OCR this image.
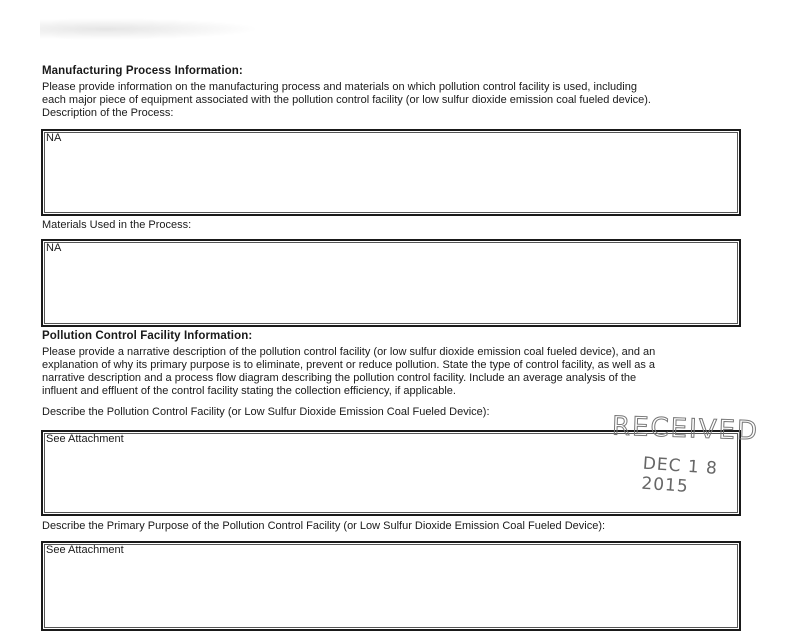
Manufacturing Process Information:
Please provide information on the manufacturing process and materials on which pollution control facility is used, including
each major piece of equipment associated with the pollution control facility (or low sulfur dioxide emission coal fueled device).
Description of the Process:
NA
Materials Used in the Process:
NA
Pollution Control Facility Information:
Please provide a narrative description of the pollution control facility (or low sulfur dioxide emission coal fueled device), and an
explanation of why its primary purpose is to eliminate, prevent or reduce pollution. State the type of control facility, as well as a
narrative description and a process flow diagram describing the pollution control facility. Include an average analysis of the
influent and effluent of the control facility stating the collection efficiency, if applicable.
Describe the Pollution Control Facility (or Low Sulfur Dioxide Emission Coal Fueled Device):
See Attachment
Describe the Primary Purpose of the Pollution Control Facility (or Low Sulfur Dioxide Emission Coal Fueled Device):
See Attachment
RECEIVED
DEC 1 8 2015
